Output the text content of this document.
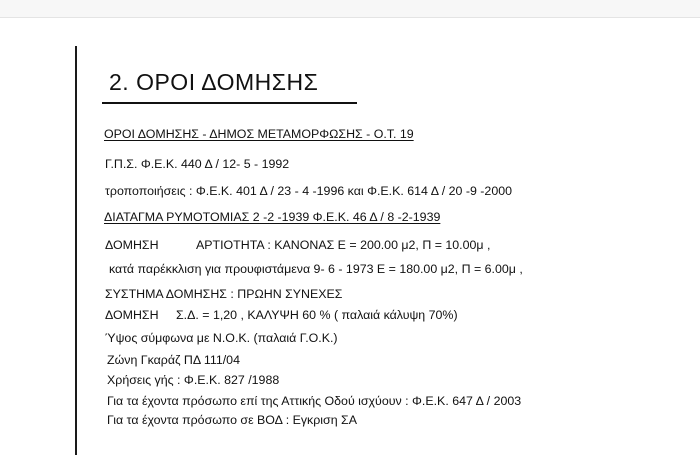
2. ΟΡΟΙ ΔΟΜΗΣΗΣ
ΟΡΟΙ ΔΟΜΗΣΗΣ - ΔΗΜΟΣ ΜΕΤΑΜΟΡΦΩΣΗΣ - Ο.Τ. 19
Γ.Π.Σ. Φ.Ε.Κ. 440 Δ / 12- 5 - 1992
τροποποιήσεις : Φ.Ε.Κ. 401 Δ / 23 - 4 -1996 και Φ.Ε.Κ. 614 Δ / 20 -9 -2000
ΔΙΑΤΑΓΜΑ ΡΥΜΟΤΟΜΙΑΣ 2 -2 -1939 Φ.Ε.Κ. 46 Δ / 8 -2-1939
ΔΟΜΗΣΗ	ΑΡΤΙΟΤΗΤΑ : ΚΑΝΟΝΑΣ Ε = 200.00 μ2, Π = 10.00μ ,
κατά παρέκκλιση για προυφιστάμενα 9- 6 - 1973 Ε = 180.00 μ2, Π = 6.00μ ,
ΣΥΣΤΗΜΑ ΔΟΜΗΣΗΣ : ΠΡΩΗΝ ΣΥΝΕΧΕΣ
ΔΟΜΗΣΗ Σ.Δ. = 1,20 , ΚΑΛΥΨΗ 60 % ( παλαιά κάλυψη 70%)
Ύψος σύμφωνα με Ν.Ο.Κ. (παλαιά Γ.Ο.Κ.)
Ζώνη Γκαράζ ΠΔ 111/04
Χρήσεις γής : Φ.Ε.Κ. 827 /1988
Για τα έχοντα πρόσωπο επί της Αττικής Οδού ισχύουν : Φ.Ε.Κ. 647 Δ / 2003
Για τα έχοντα πρόσωπο σε ΒΟΔ : Εγκριση ΣΑ
